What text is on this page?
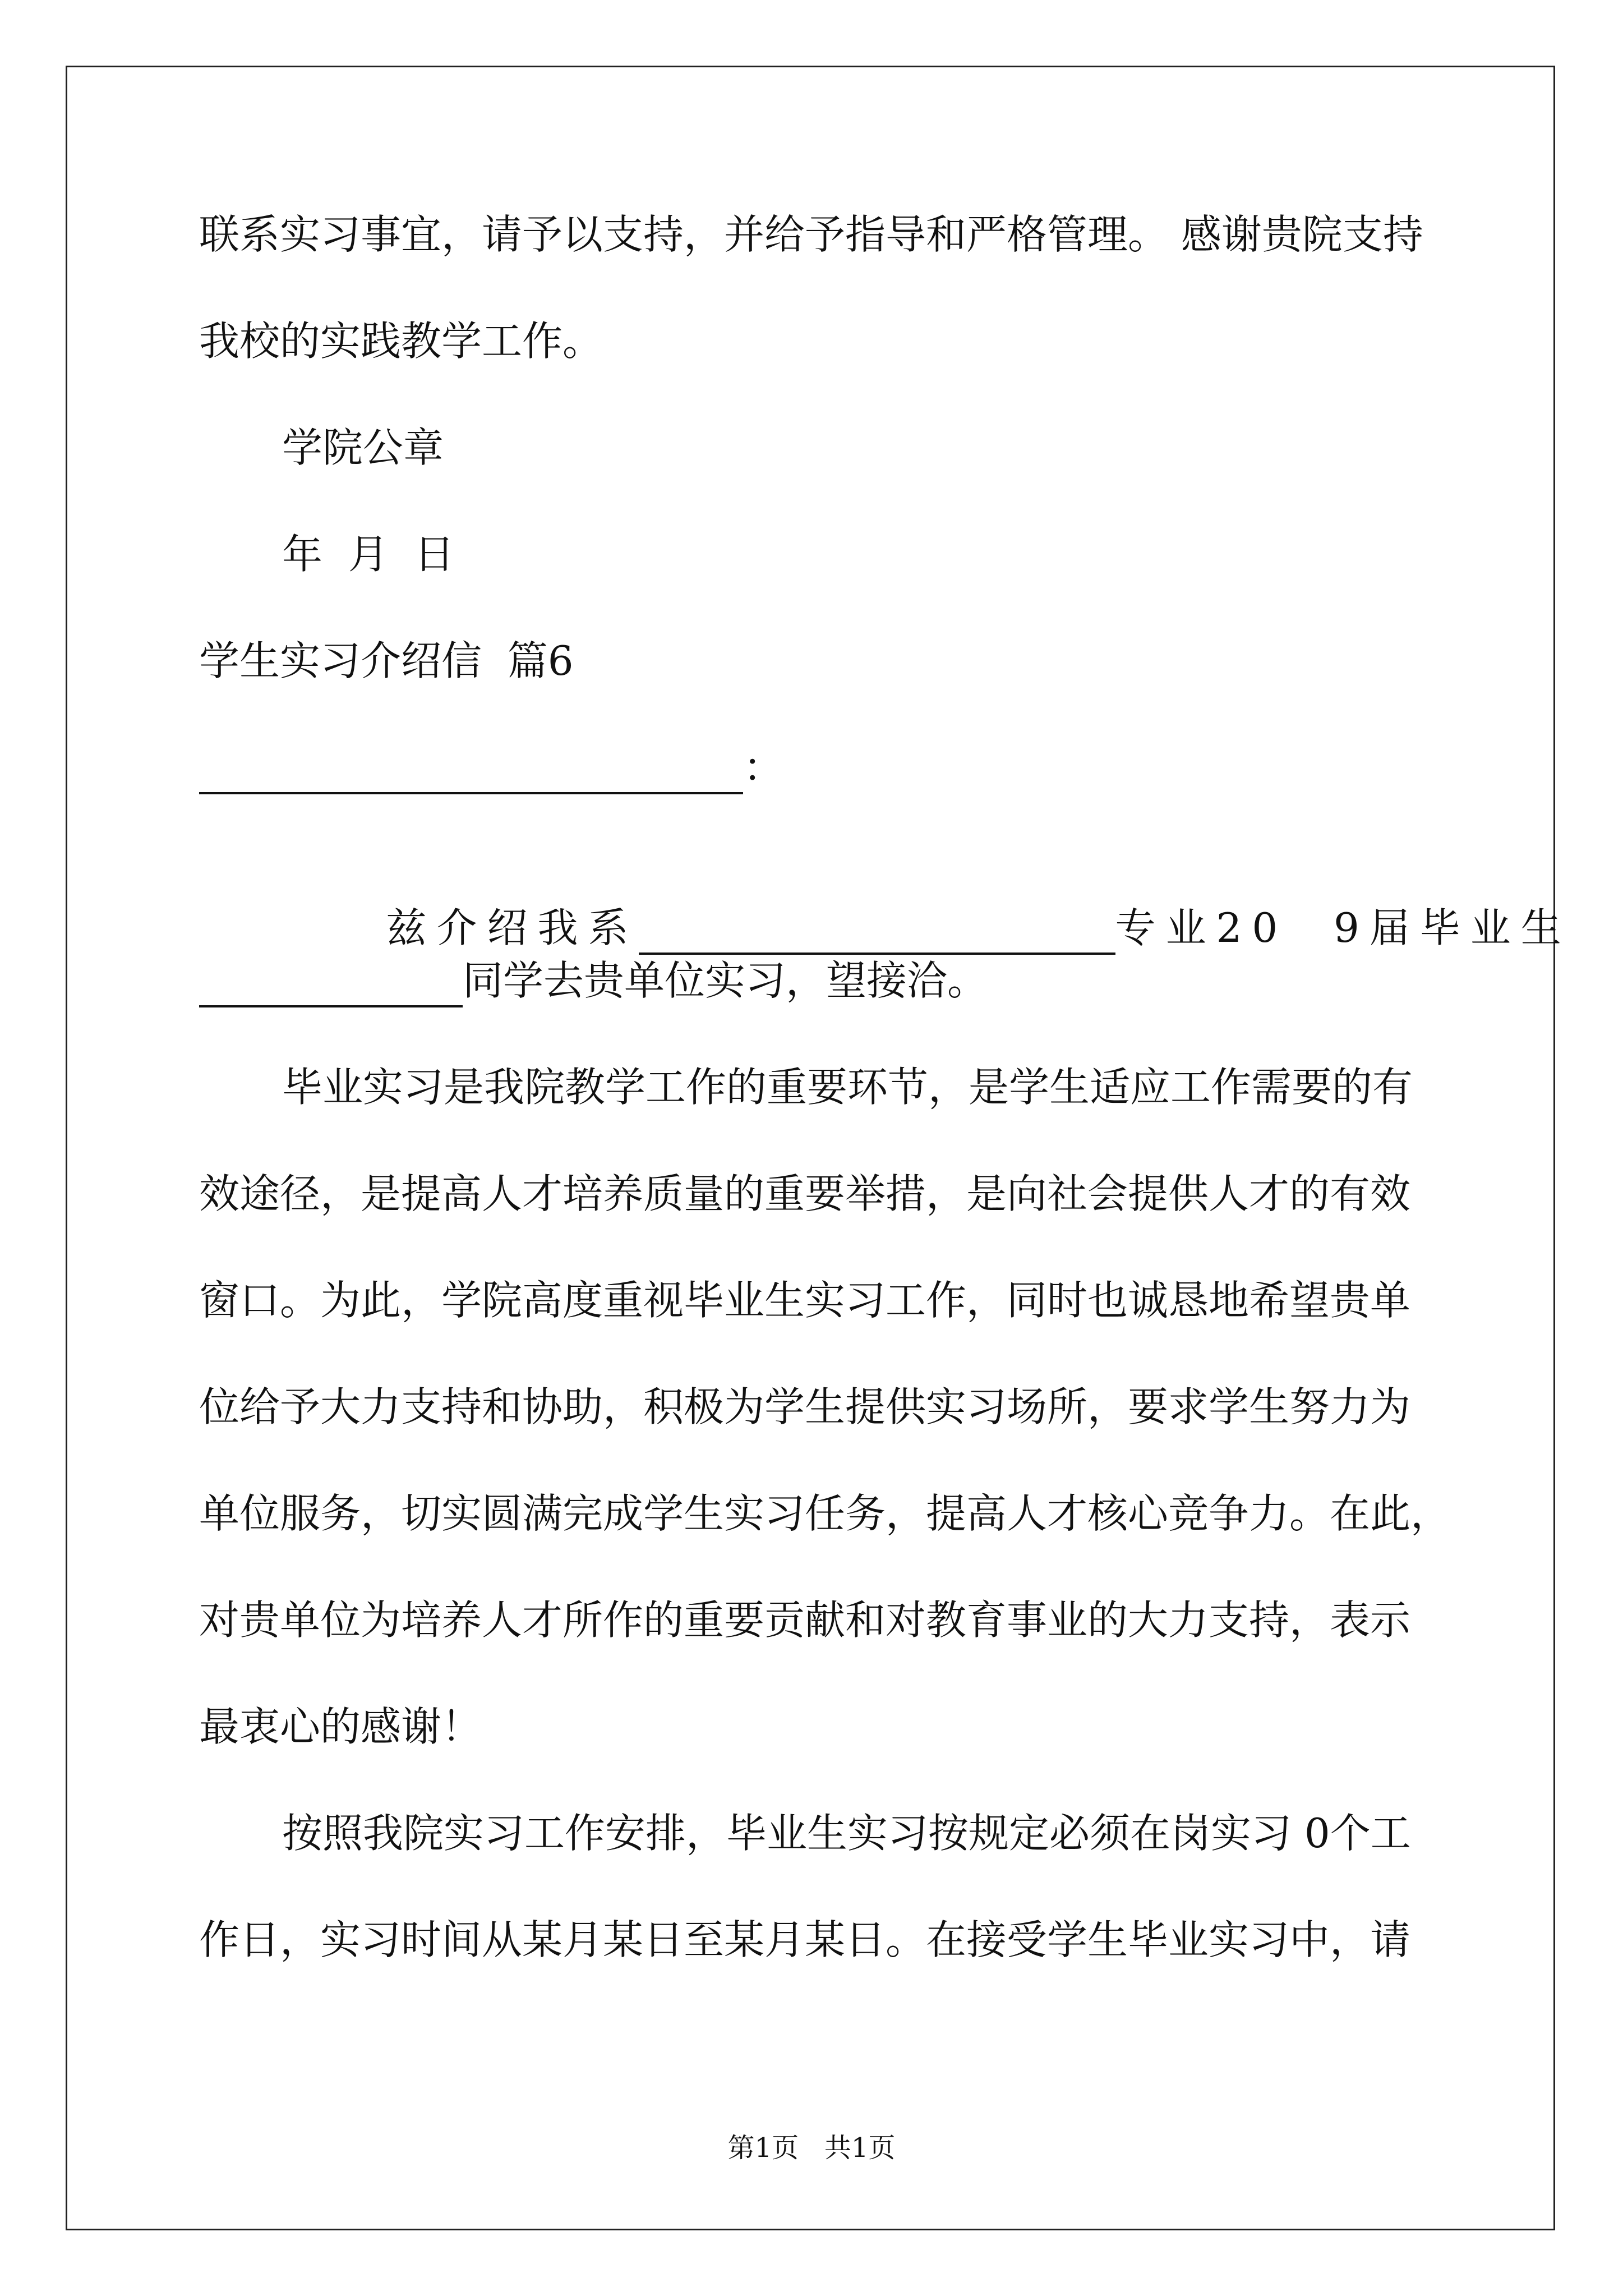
联系实习事宜，请予以支持，并给予指导和严格管理。 感谢贵院支持
我校的实践教学工作。
学院公章
年  月  日
学生实习介绍信  篇6
：

兹介绍我系	专业20  9届毕业生

同学去贵单位实习，望接洽。
毕业实习是我院教学工作的重要环节，是学生适应工作需要的有
效途径，是提高人才培养质量的重要举措，是向社会提供人才的有效
窗口。为此，学院高度重视毕业生实习工作，同时也诚恳地希望贵单
位给予大力支持和协助，积极为学生提供实习场所，要求学生努力为
单位服务，切实圆满完成学生实习任务，提高人才核心竞争力。在此，
对贵单位为培养人才所作的重要贡献和对教育事业的大力支持，表示
最衷心的感谢！
按照我院实习工作安排，毕业生实习按规定必须在岗实习 0个工
作日，实习时间从某月某日至某月某日。在接受学生毕业实习中，请
第1页   共1页
